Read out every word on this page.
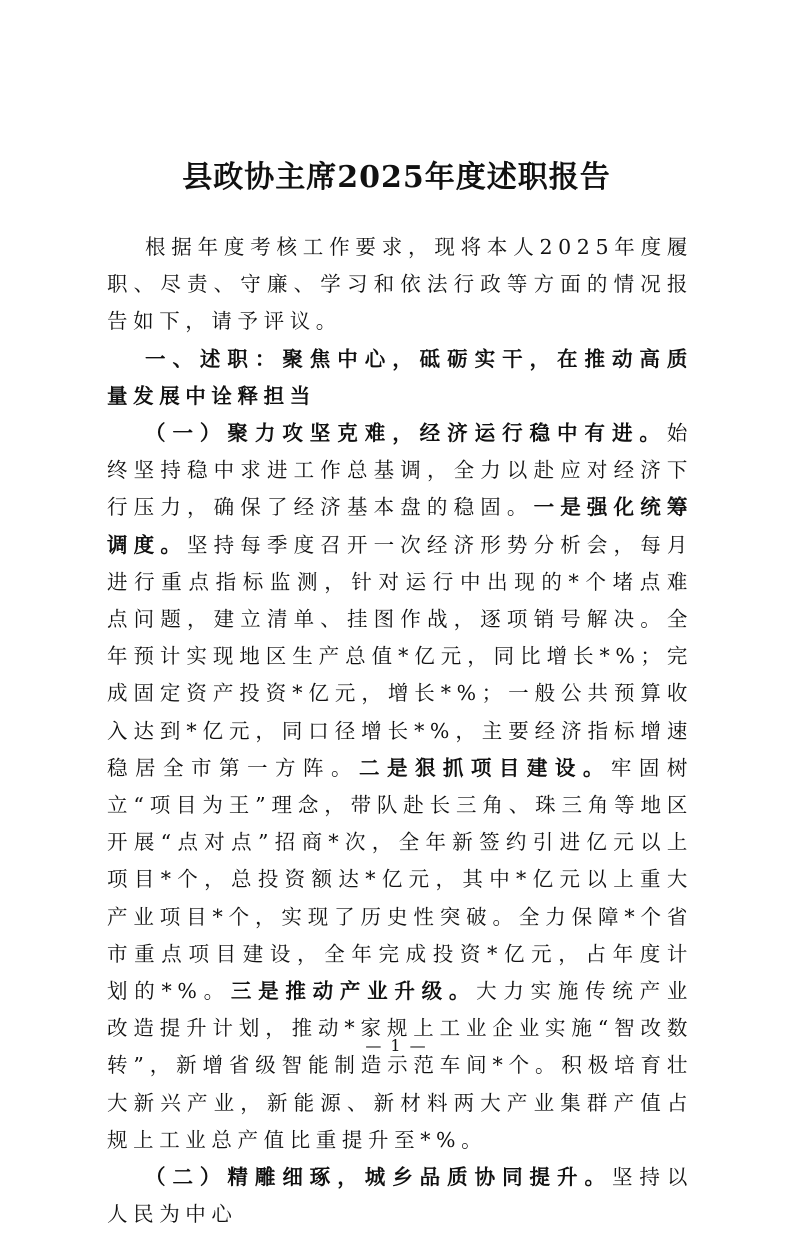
县政协主席2025年度述职报告

根据年度考核工作要求，现将本人2025年度履职、尽责、守廉、学习和依法行政等方面的情况报告如下，请予评议。

一、述职：聚焦中心，砥砺实干，在推动高质量发展中诠释担当

（一）聚力攻坚克难，经济运行稳中有进。始终坚持稳中求进工作总基调，全力以赴应对经济下行压力，确保了经济基本盘的稳固。一是强化统筹调度。坚持每季度召开一次经济形势分析会，每月进行重点指标监测，针对运行中出现的*个堵点难点问题，建立清单、挂图作战，逐项销号解决。全年预计实现地区生产总值*亿元，同比增长*%；完成固定资产投资*亿元，增长*%；一般公共预算收入达到*亿元，同口径增长*%，主要经济指标增速稳居全市第一方阵。二是狠抓项目建设。牢固树立“项目为王”理念，带队赴长三角、珠三角等地区开展“点对点”招商*次，全年新签约引进亿元以上项目*个，总投资额达*亿元，其中*亿元以上重大产业项目*个，实现了历史性突破。全力保障*个省市重点项目建设，全年完成投资*亿元，占年度计划的*%。三是推动产业升级。大力实施传统产业改造提升计划，推动*家规上工业企业实施“智改数转”，新增省级智能制造示范车间*个。积极培育壮大新兴产业，新能源、新材料两大产业集群产值占规上工业总产值比重提升至*%。

（二）精雕细琢，城乡品质协同提升。坚持以人民为中心

— 1 —
